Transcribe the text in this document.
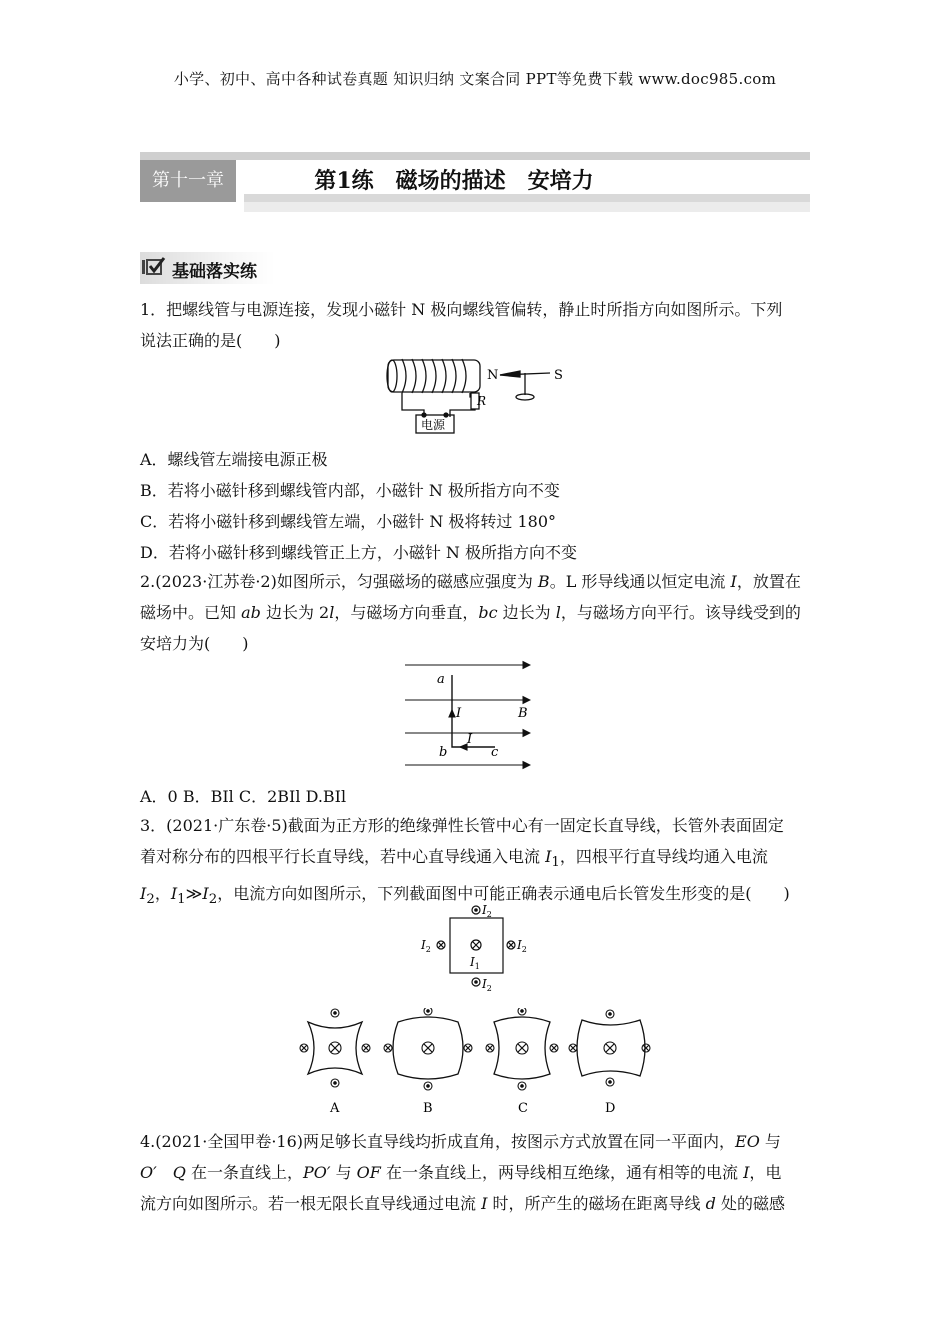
小学、初中、高中各种试卷真题 知识归纳 文案合同 PPT等免费下载 www.doc985.com
第十一章	第1练　磁场的描述　安培力
基础落实练
1．把螺线管与电源连接，发现小磁针 N 极向螺线管偏转，静止时所指方向如图所示。下列
说法正确的是(　　)
N	S
R
电源
A．螺线管左端接电源正极
B．若将小磁针移到螺线管内部，小磁针 N 极所指方向不变
C．若将小磁针移到螺线管左端，小磁针 N 极将转过 180°
D．若将小磁针移到螺线管正上方，小磁针 N 极所指方向不变
2.(2023·江苏卷·2)如图所示，匀强磁场的磁感应强度为 B。L 形导线通以恒定电流 I，放置在
磁场中。已知 ab 边长为 2l，与磁场方向垂直，bc 边长为 l，与磁场方向平行。该导线受到的
安培力为(　　)
a
I	B
I
b	c
A．0 B．BIl C．2BIl D.BIl
3．(2021·广东卷·5)截面为正方形的绝缘弹性长管中心有一固定长直导线，长管外表面固定
着对称分布的四根平行长直导线，若中心直导线通入电流 $I_1$，四根平行直导线均通入电流
$I_2$，$I_1≫I_2$，电流方向如图所示，下列截面图中可能正确表示通电后长管发生形变的是(　　)
$I_2$
$I_2$
$I_2$	$I_2$
$I_1$
A	B	C	D
4.(2021·全国甲卷·16)两足够长直导线均折成直角，按图示方式放置在同一平面内，EO 与
O′　Q 在一条直线上，PO′ 与 OF 在一条直线上，两导线相互绝缘，通有相等的电流 I，电
流方向如图所示。若一根无限长直导线通过电流 I 时，所产生的磁场在距离导线 d 处的磁感
